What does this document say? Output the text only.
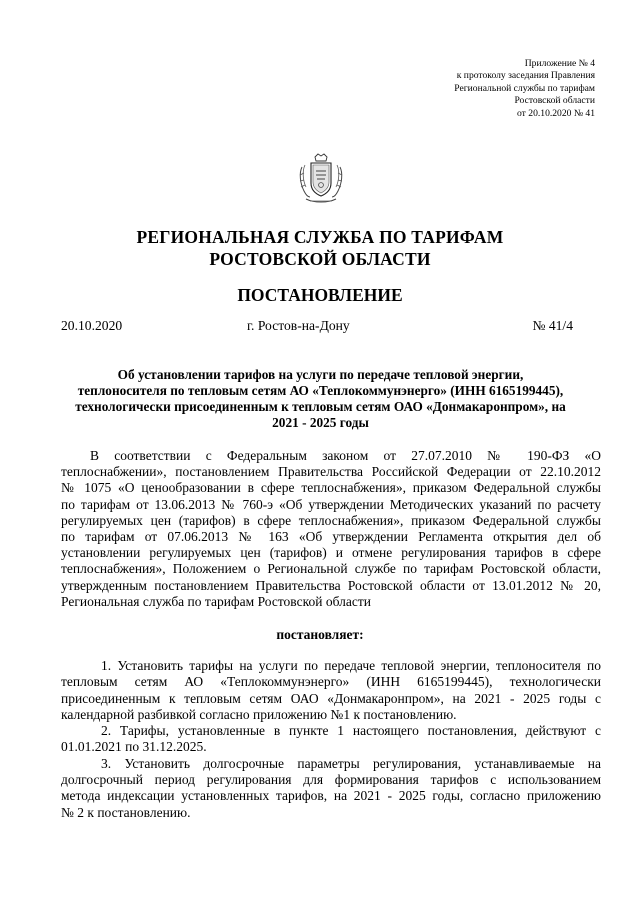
Приложение № 4
к протоколу заседания Правления
Региональной службы по тарифам
Ростовской области
от 20.10.2020 № 41
РЕГИОНАЛЬНАЯ СЛУЖБА ПО ТАРИФАМ
РОСТОВСКОЙ ОБЛАСТИ
ПОСТАНОВЛЕНИЕ
20.10.2020	г. Ростов-на-Дону	№ 41/4
Об установлении тарифов на услуги по передаче тепловой энергии,
теплоносителя по тепловым сетям АО «Теплокоммунэнерго» (ИНН 6165199445),
технологически присоединенным к тепловым сетям ОАО «Донмакаронпром», на
2021 - 2025 годы
В соответствии с Федеральным законом от 27.07.2010 № 190-ФЗ «О
теплоснабжении», постановлением Правительства Российской Федерации от 22.10.2012
№ 1075 «О ценообразовании в сфере теплоснабжения», приказом Федеральной службы
по тарифам от 13.06.2013 № 760-э «Об утверждении Методических указаний по расчету
регулируемых цен (тарифов) в сфере теплоснабжения», приказом Федеральной службы
по тарифам от 07.06.2013 № 163 «Об утверждении Регламента открытия дел об
установлении регулируемых цен (тарифов) и отмене регулирования тарифов в сфере
теплоснабжения», Положением о Региональной службе по тарифам Ростовской области,
утвержденным постановлением Правительства Ростовской области от 13.01.2012 № 20,
Региональная служба по тарифам Ростовской области
постановляет:
1. Установить тарифы на услуги по передаче тепловой энергии, теплоносителя по
тепловым сетям АО «Теплокоммунэнерго» (ИНН 6165199445), технологически
присоединенным к тепловым сетям ОАО «Донмакаронпром», на 2021 - 2025 годы с
календарной разбивкой согласно приложению №1 к постановлению.
2. Тарифы, установленные в пункте 1 настоящего постановления, действуют с
01.01.2021 по 31.12.2025.
3. Установить долгосрочные параметры регулирования, устанавливаемые на
долгосрочный период регулирования для формирования тарифов с использованием
метода индексации установленных тарифов, на 2021 - 2025 годы, согласно приложению
№ 2 к постановлению.
